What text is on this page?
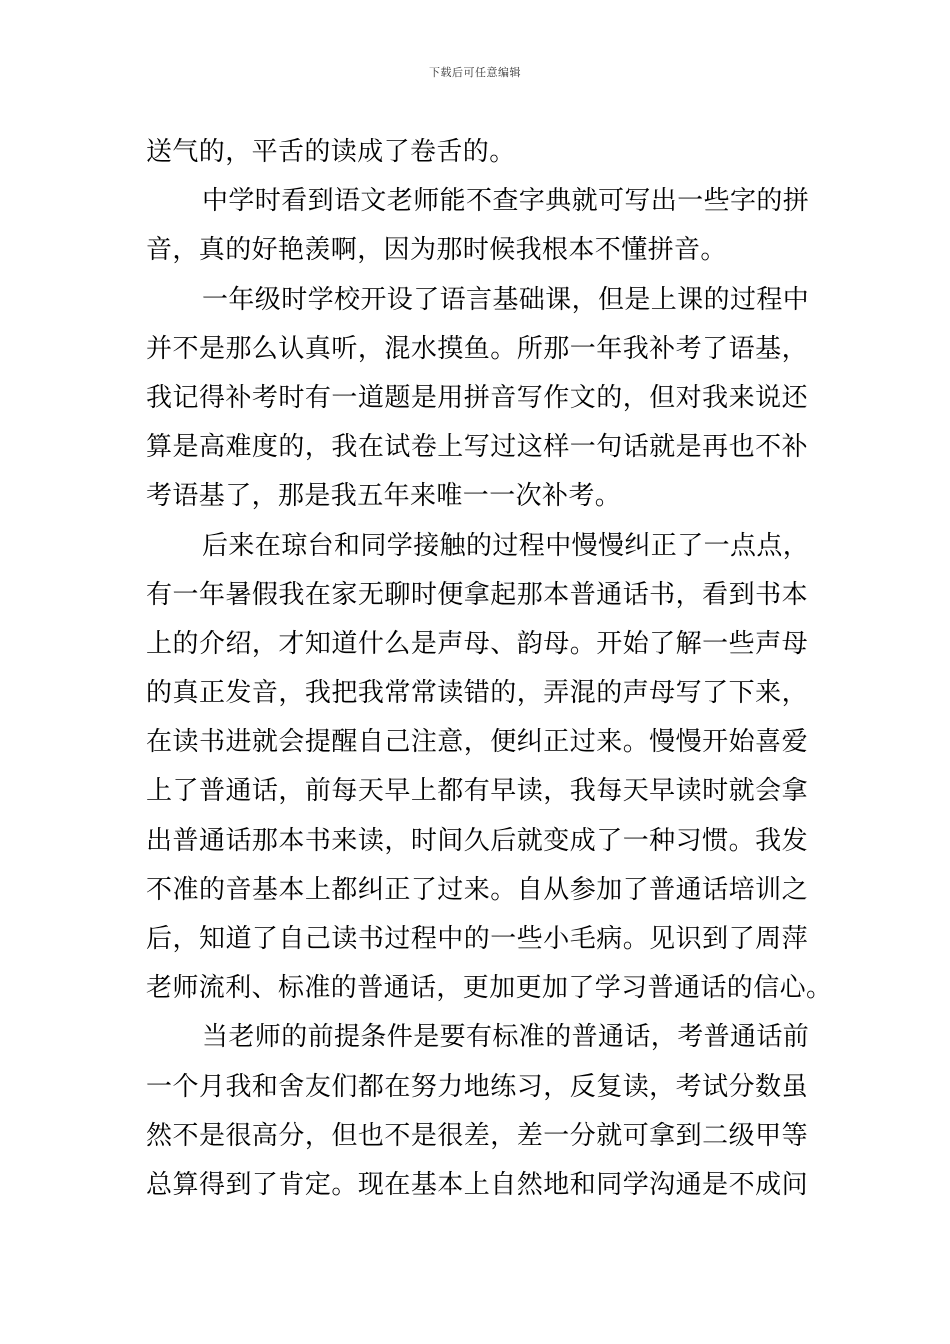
下载后可任意编辑
送气的，平舌的读成了卷舌的。
中学时看到语文老师能不查字典就可写出一些字的拼
音，真的好艳羡啊，因为那时候我根本不懂拼音。
一年级时学校开设了语言基础课，但是上课的过程中
并不是那么认真听，混水摸鱼。所那一年我补考了语基，
我记得补考时有一道题是用拼音写作文的，但对我来说还
算是高难度的，我在试卷上写过这样一句话就是再也不补
考语基了，那是我五年来唯一一次补考。
后来在琼台和同学接触的过程中慢慢纠正了一点点，
有一年暑假我在家无聊时便拿起那本普通话书，看到书本
上的介绍，才知道什么是声母、韵母。开始了解一些声母
的真正发音，我把我常常读错的，弄混的声母写了下来，
在读书进就会提醒自己注意，便纠正过来。慢慢开始喜爱
上了普通话，前每天早上都有早读，我每天早读时就会拿
出普通话那本书来读，时间久后就变成了一种习惯。我发
不准的音基本上都纠正了过来。自从参加了普通话培训之
后，知道了自己读书过程中的一些小毛病。见识到了周萍
老师流利、标准的普通话，更加更加了学习普通话的信心。
当老师的前提条件是要有标准的普通话，考普通话前
一个月我和舍友们都在努力地练习，反复读，考试分数虽
然不是很高分，但也不是很差，差一分就可拿到二级甲等
总算得到了肯定。现在基本上自然地和同学沟通是不成问
